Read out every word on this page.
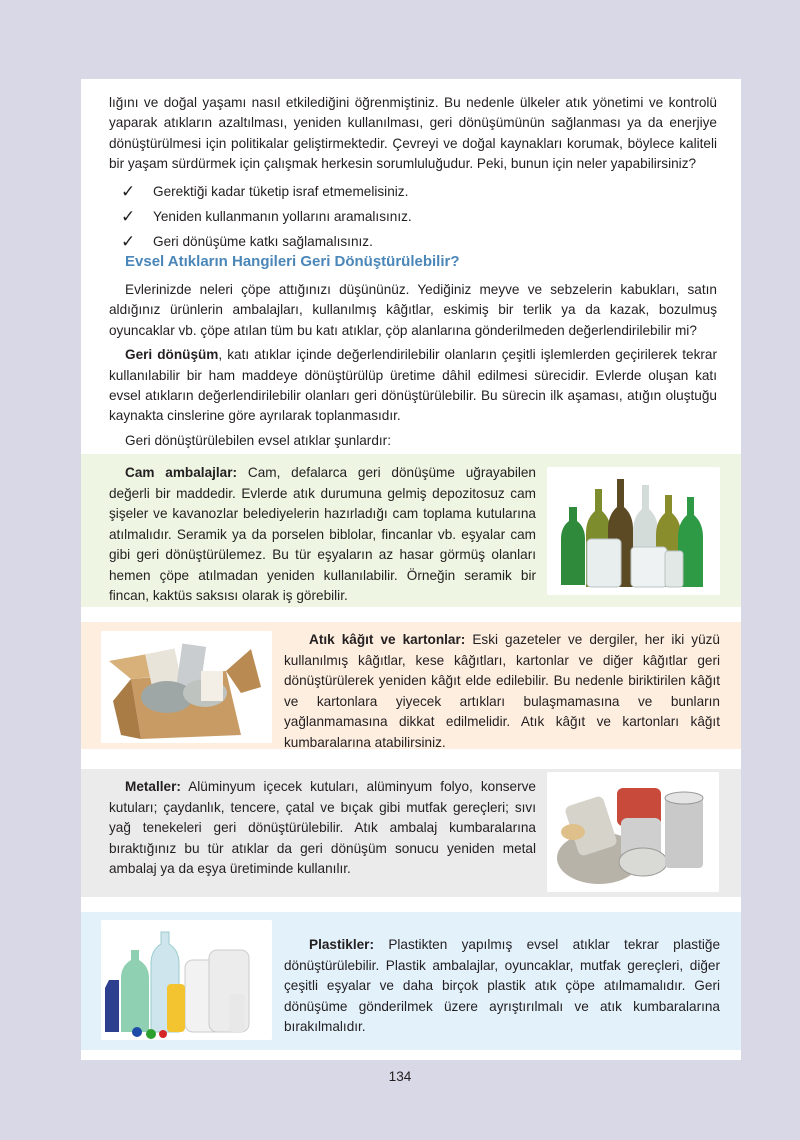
lığını ve doğal yaşamı nasıl etkilediğini öğrenmiştiniz. Bu nedenle ülkeler atık yönetimi ve kontrolü yaparak atıkların azaltılması, yeniden kullanılması, geri dönüşümünün sağlanması ya da enerjiye dönüştürülmesi için politikalar geliştirmektedir. Çevreyi ve doğal kaynakları korumak, böylece kaliteli bir yaşam sürdürmek için çalışmak herkesin sorumluluğudur. Peki, bunun için neler yapabilirsiniz?

✓	Gerektiği kadar tüketip israf etmemelisiniz.
✓	Yeniden kullanmanın yollarını aramalısınız.
✓	Geri dönüşüme katkı sağlamalısınız.
Evsel Atıkların Hangileri Geri Dönüştürülebilir?

Evlerinizde neleri çöpe attığınızı düşününüz. Yediğiniz meyve ve sebzelerin kabukları, satın aldığınız ürünlerin ambalajları, kullanılmış kâğıtlar, eskimiş bir terlik ya da kazak, bozulmuş oyuncaklar vb. çöpe atılan tüm bu katı atıklar, çöp alanlarına gönderilmeden değerlendirilebilir mi?

Geri dönüşüm, katı atıklar içinde değerlendirilebilir olanların çeşitli işlemlerden geçirilerek tekrar kullanılabilir bir ham maddeye dönüştürülüp üretime dâhil edilmesi sürecidir. Evlerde oluşan katı evsel atıkların değerlendirilebilir olanları geri dönüştürülebilir. Bu sürecin ilk aşaması, atığın oluştuğu kaynakta cinslerine göre ayrılarak toplanmasıdır.

Geri dönüştürülebilen evsel atıklar şunlardır:

Cam ambalajlar: Cam, defalarca geri dönüşüme uğrayabilen değerli bir maddedir. Evlerde atık durumuna gelmiş depozitosuz cam şişeler ve kavanozlar belediyelerin hazırladığı cam toplama kutularına atılmalıdır. Seramik ya da porselen biblolar, fincanlar vb. eşyalar cam gibi geri dönüştürülemez. Bu tür eşyaların az hasar görmüş olanları hemen çöpe atılmadan yeniden kullanılabilir. Örneğin seramik bir fincan, kaktüs saksısı olarak iş görebilir.
Atık kâğıt ve kartonlar: Eski gazeteler ve dergiler, her iki yüzü kullanılmış kâğıtlar, kese kâğıtları, kartonlar ve diğer kâğıtlar geri dönüştürülerek yeniden kâğıt elde edilebilir. Bu nedenle biriktirilen kâğıt ve kartonlara yiyecek artıkları bulaşmamasına ve bunların yağlanmamasına dikkat edilmelidir. Atık kâğıt ve kartonları kâğıt kumbaralarına atabilirsiniz.
Metaller: Alüminyum içecek kutuları, alüminyum folyo, konserve kutuları; çaydanlık, tencere, çatal ve bıçak gibi mutfak gereçleri; sıvı yağ tenekeleri geri dönüştürülebilir. Atık ambalaj kumbaralarına bıraktığınız bu tür atıklar da geri dönüşüm sonucu yeniden metal ambalaj ya da eşya üretiminde kullanılır.
Plastikler: Plastikten yapılmış evsel atıklar tekrar plastiğe dönüştürülebilir. Plastik ambalajlar, oyuncaklar, mutfak gereçleri, diğer çeşitli eşyalar ve daha birçok plastik atık çöpe atılmamalıdır. Geri dönüşüme gönderilmek üzere ayrıştırılmalı ve atık kumbaralarına bırakılmalıdır.
134
